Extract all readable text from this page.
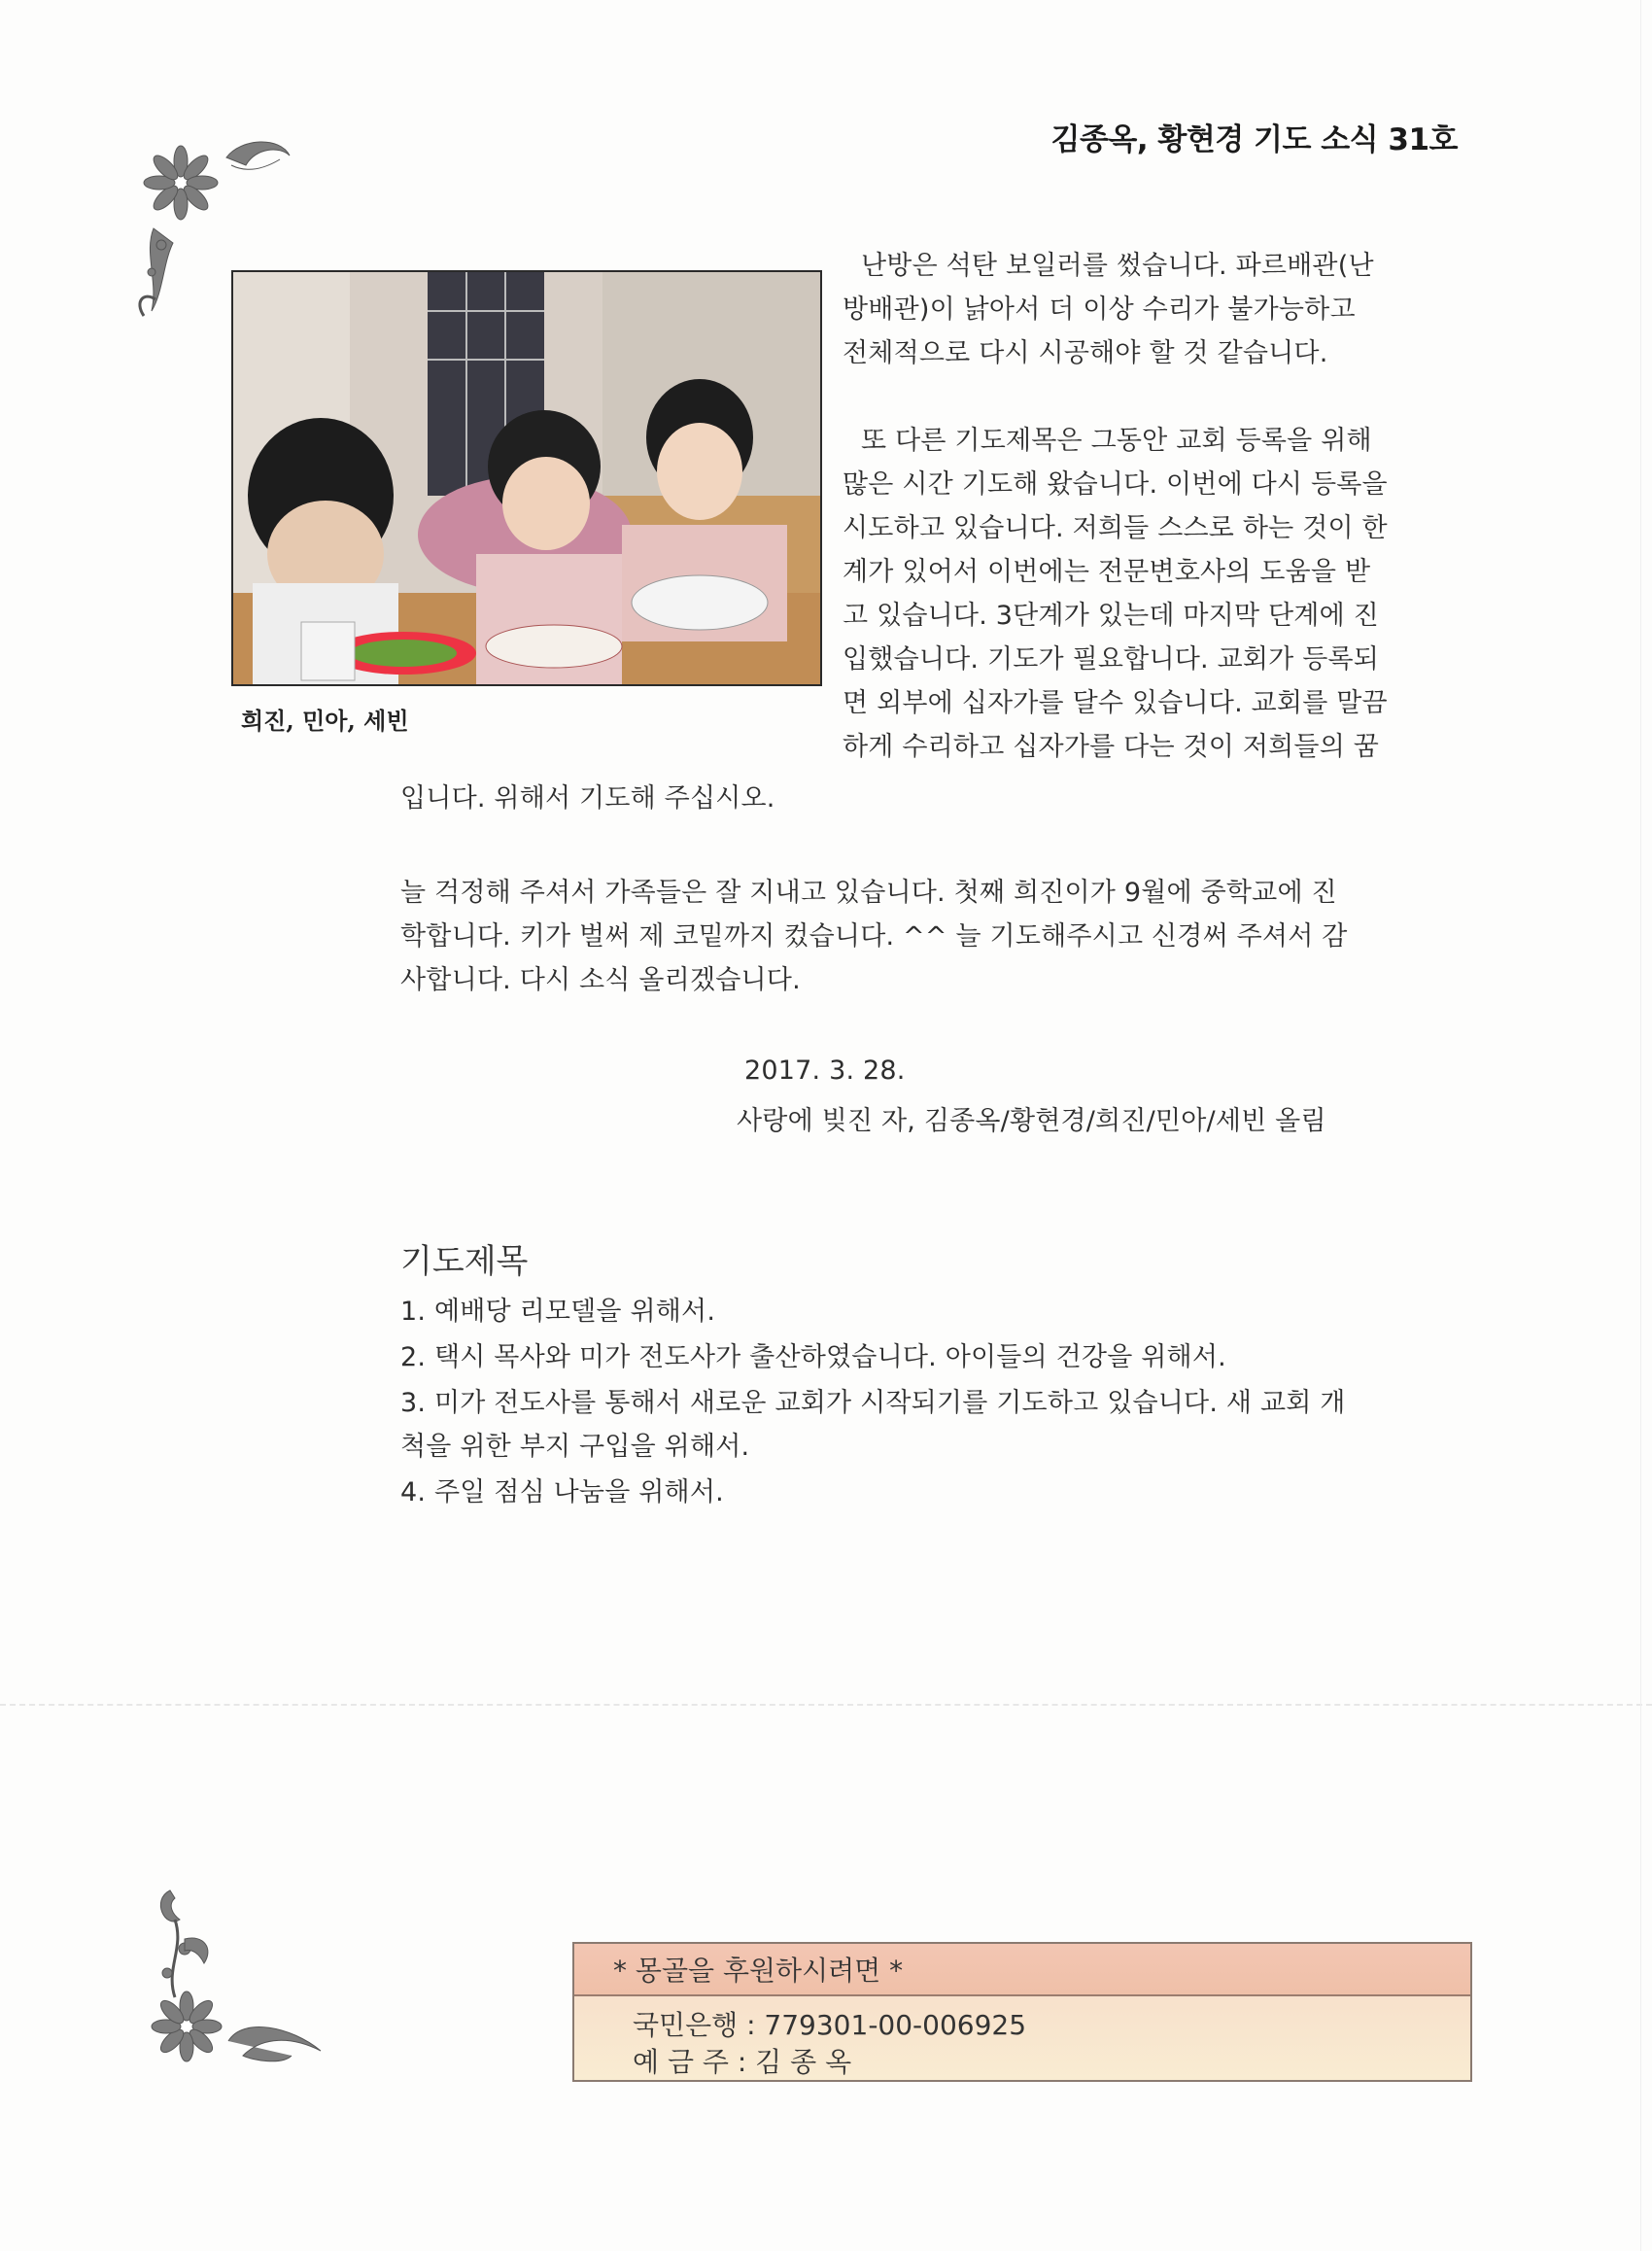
김종옥, 황현경 기도 소식 31호
희진, 민아, 세빈
난방은 석탄 보일러를 썼습니다. 파르배관(난
방배관)이 낡아서 더 이상 수리가 불가능하고
전체적으로 다시 시공해야 할 것 같습니다.
또 다른 기도제목은 그동안 교회 등록을 위해
많은 시간 기도해 왔습니다. 이번에 다시 등록을
시도하고 있습니다. 저희들 스스로 하는 것이 한
계가 있어서 이번에는 전문변호사의 도움을 받
고 있습니다. 3단계가 있는데 마지막 단계에 진
입했습니다. 기도가 필요합니다. 교회가 등록되
면 외부에 십자가를 달수 있습니다. 교회를 말끔
하게 수리하고 십자가를 다는 것이 저희들의 꿈
입니다. 위해서 기도해 주십시오.
늘 걱정해 주셔서 가족들은 잘 지내고 있습니다. 첫째 희진이가 9월에 중학교에 진
학합니다. 키가 벌써 제 코밑까지 컸습니다. ^^ 늘 기도해주시고 신경써 주셔서 감
사합니다. 다시 소식 올리겠습니다.
2017. 3. 28.
사랑에 빚진 자, 김종옥/황현경/희진/민아/세빈 올림
기도제목
1. 예배당 리모델을 위해서.
2. 택시 목사와 미가 전도사가 출산하였습니다. 아이들의 건강을 위해서.
3. 미가 전도사를 통해서 새로운 교회가 시작되기를 기도하고 있습니다. 새 교회 개
척을 위한 부지 구입을 위해서.
4. 주일 점심 나눔을 위해서.
* 몽골을 후원하시려면 *
국민은행 : 779301-00-006925
예 금 주 : 김 종 옥
